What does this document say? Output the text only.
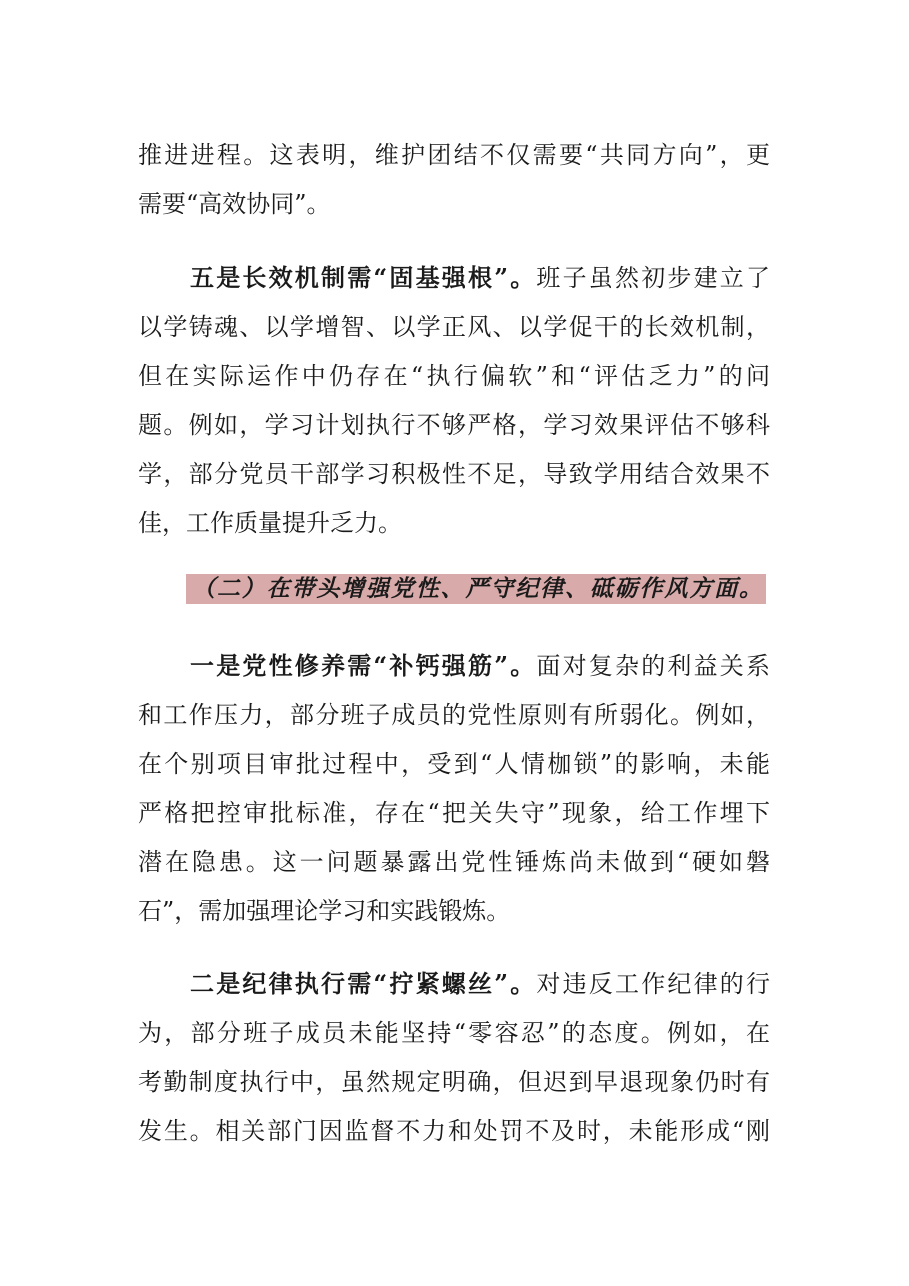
推进进程。这表明，维护团结不仅需要“共同方向”，更
需要“高效协同”。
五是长效机制需“固基强根”。班子虽然初步建立了
以学铸魂、以学增智、以学正风、以学促干的长效机制，
但在实际运作中仍存在“执行偏软”和“评估乏力”的问
题。例如，学习计划执行不够严格，学习效果评估不够科
学，部分党员干部学习积极性不足，导致学用结合效果不
佳，工作质量提升乏力。
（二）在带头增强党性、严守纪律、砥砺作风方面。
一是党性修养需“补钙强筋”。面对复杂的利益关系
和工作压力，部分班子成员的党性原则有所弱化。例如，
在个别项目审批过程中，受到“人情枷锁”的影响，未能
严格把控审批标准，存在“把关失守”现象，给工作埋下
潜在隐患。这一问题暴露出党性锤炼尚未做到“硬如磐
石”，需加强理论学习和实践锻炼。
二是纪律执行需“拧紧螺丝”。对违反工作纪律的行
为，部分班子成员未能坚持“零容忍”的态度。例如，在
考勤制度执行中，虽然规定明确，但迟到早退现象仍时有
发生。相关部门因监督不力和处罚不及时，未能形成“刚
